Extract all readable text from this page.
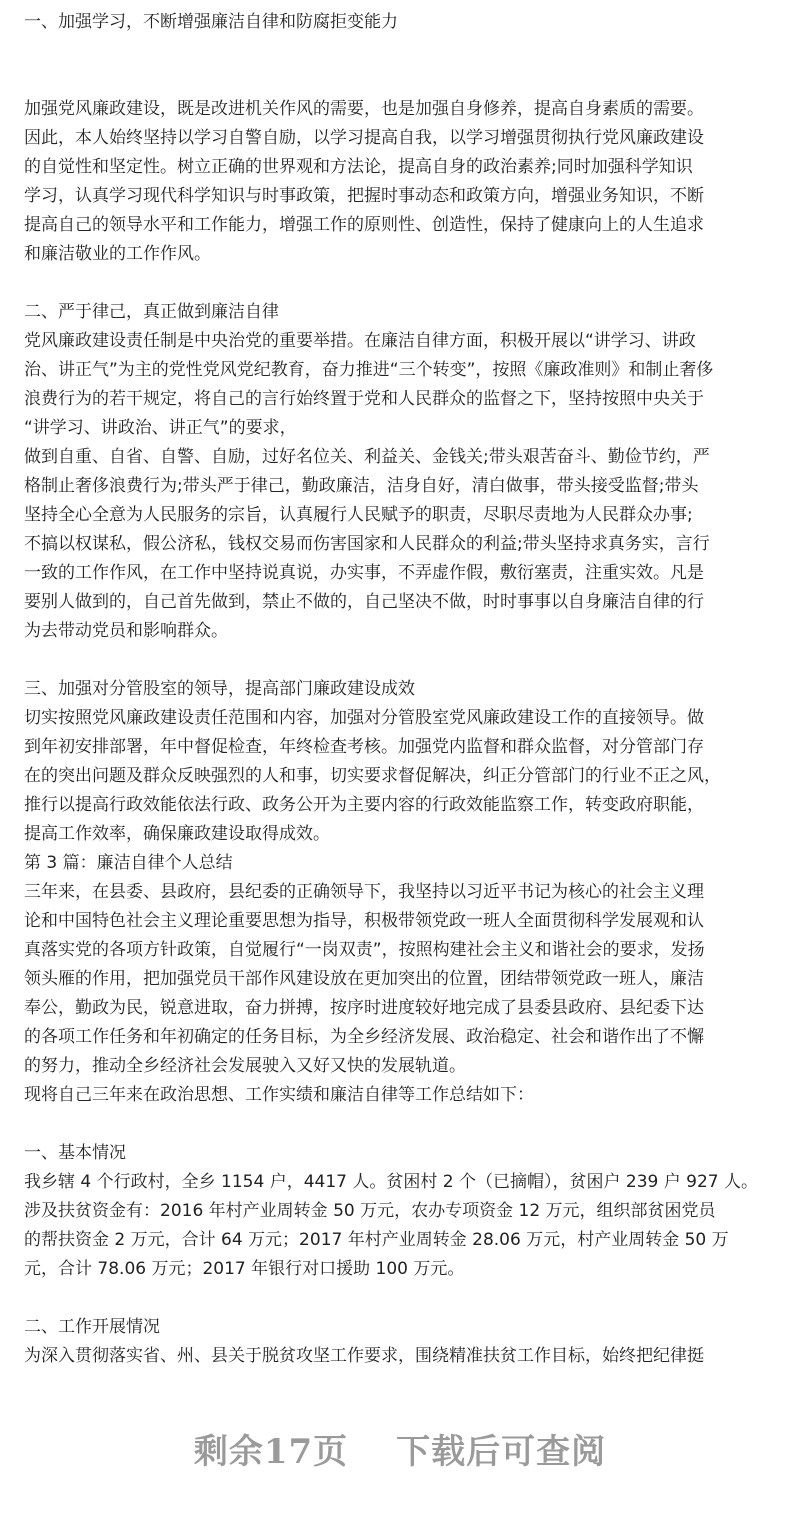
一、加强学习，不断增强廉洁自律和防腐拒变能力
加强党风廉政建设，既是改进机关作风的需要，也是加强自身修养，提高自身素质的需要。
因此，本人始终坚持以学习自警自励，以学习提高自我，以学习增强贯彻执行党风廉政建设
的自觉性和坚定性。树立正确的世界观和方法论，提高自身的政治素养;同时加强科学知识
学习，认真学习现代科学知识与时事政策，把握时事动态和政策方向，增强业务知识，不断
提高自己的领导水平和工作能力，增强工作的原则性、创造性，保持了健康向上的人生追求
和廉洁敬业的工作作风。
二、严于律己，真正做到廉洁自律
党风廉政建设责任制是中央治党的重要举措。在廉洁自律方面，积极开展以“讲学习、讲政
治、讲正气”为主的党性党风党纪教育，奋力推进“三个转变”，按照《廉政准则》和制止奢侈
浪费行为的若干规定，将自己的言行始终置于党和人民群众的监督之下，坚持按照中央关于
“讲学习、讲政治、讲正气”的要求，
做到自重、自省、自警、自励，过好名位关、利益关、金钱关;带头艰苦奋斗、勤俭节约，严
格制止奢侈浪费行为;带头严于律己，勤政廉洁，洁身自好，清白做事，带头接受监督;带头
坚持全心全意为人民服务的宗旨，认真履行人民赋予的职责，尽职尽责地为人民群众办事;
不搞以权谋私，假公济私，钱权交易而伤害国家和人民群众的利益;带头坚持求真务实，言行
一致的工作作风，在工作中坚持说真说，办实事，不弄虚作假，敷衍塞责，注重实效。凡是
要别人做到的，自己首先做到，禁止不做的，自己坚决不做，时时事事以自身廉洁自律的行
为去带动党员和影响群众。
三、加强对分管股室的领导，提高部门廉政建设成效
切实按照党风廉政建设责任范围和内容，加强对分管股室党风廉政建设工作的直接领导。做
到年初安排部署，年中督促检查，年终检查考核。加强党内监督和群众监督，对分管部门存
在的突出问题及群众反映强烈的人和事，切实要求督促解决，纠正分管部门的行业不正之风，
推行以提高行政效能依法行政、政务公开为主要内容的行政效能监察工作，转变政府职能，
提高工作效率，确保廉政建设取得成效。
第 3 篇：廉洁自律个人总结
三年来，在县委、县政府，县纪委的正确领导下，我坚持以习近平书记为核心的社会主义理
论和中国特色社会主义理论重要思想为指导，积极带领党政一班人全面贯彻科学发展观和认
真落实党的各项方针政策，自觉履行“一岗双责”，按照构建社会主义和谐社会的要求，发扬
领头雁的作用，把加强党员干部作风建设放在更加突出的位置，团结带领党政一班人，廉洁
奉公，勤政为民，锐意进取，奋力拼搏，按序时进度较好地完成了县委县政府、县纪委下达
的各项工作任务和年初确定的任务目标，为全乡经济发展、政治稳定、社会和谐作出了不懈
的努力，推动全乡经济社会发展驶入又好又快的发展轨道。
现将自己三年来在政治思想、工作实绩和廉洁自律等工作总结如下：
一、基本情况
我乡辖 4 个行政村，全乡 1154 户，4417 人。贫困村 2 个（已摘帽），贫困户 239 户 927 人。
涉及扶贫资金有：2016 年村产业周转金 50 万元，农办专项资金 12 万元，组织部贫困党员
的帮扶资金 2 万元，合计 64 万元；2017 年村产业周转金 28.06 万元，村产业周转金 50 万
元，合计 78.06 万元；2017 年银行对口援助 100 万元。
二、工作开展情况
为深入贯彻落实省、州、县关于脱贫攻坚工作要求，围绕精准扶贫工作目标，始终把纪律挺
剩余17页 下载后可查阅
